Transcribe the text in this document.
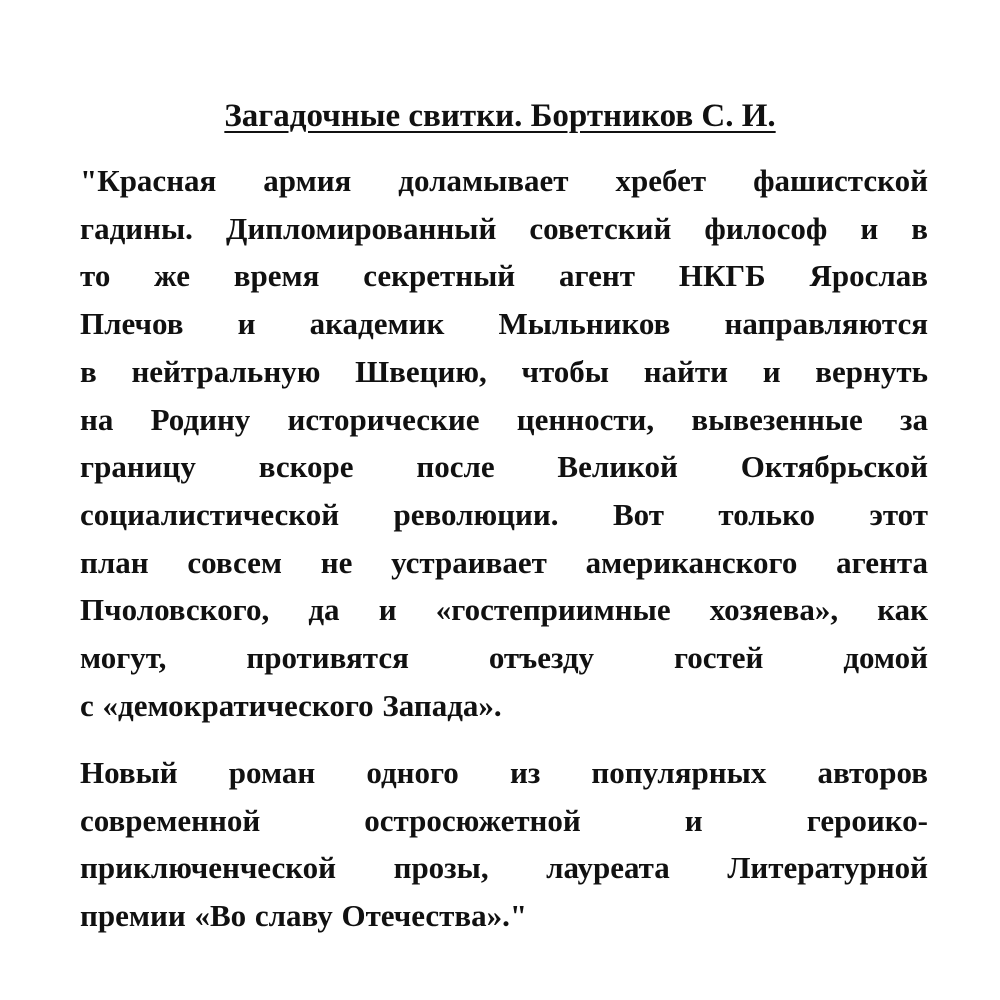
Загадочные свитки. Бортников С. И.
"Красная армия доламывает хребет фашистской
гадины. Дипломированный советский философ и в
то же время секретный агент НКГБ Ярослав
Плечов и академик Мыльников направляются
в нейтральную Швецию, чтобы найти и вернуть
на Родину исторические ценности, вывезенные за
границу вскоре после Великой Октябрьской
социалистической революции. Вот только этот
план совсем не устраивает американского агента
Пчоловского, да и «гостеприимные хозяева», как
могут, противятся отъезду гостей домой
с «демократического Запада».
Новый роман одного из популярных авторов
современной остросюжетной и героико-
приключенческой прозы, лауреата Литературной
премии «Во славу Отечества»."
